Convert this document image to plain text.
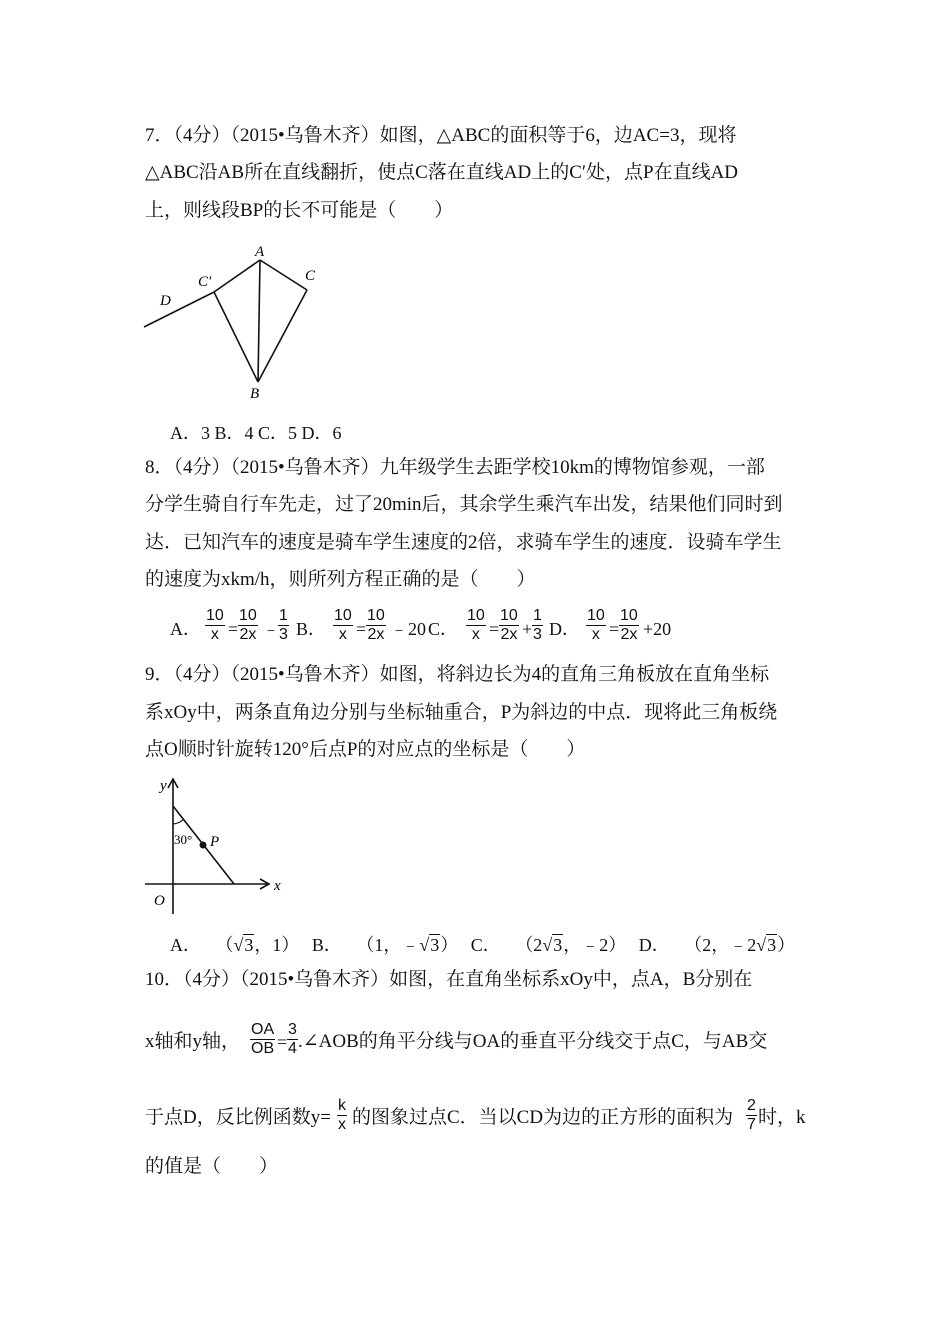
7．（4分）（2015•乌鲁木齐）如图，△ABC的面积等于6，边AC=3，现将
△ABC沿AB所在直线翻折，使点C落在直线AD上的C′处，点P在直线AD
上，则线段BP的长不可能是（　　）
A
C
C′
D
B
A．3 B．4 C．5 D．6
8．（4分）（2015•乌鲁木齐）九年级学生去距学校10km的博物馆参观，一部
分学生骑自行车先走，过了20min后，其余学生乘汽车出发，结果他们同时到
达．已知汽车的速度是骑车学生速度的2倍，求骑车学生的速度．设骑车学生
的速度为xkm/h，则所列方程正确的是（　　）
A． $\frac{10}{x} = \frac{10}{2x}$ ﹣
$\frac{1}{3}$ B． $\frac{10}{x} = \frac{10}{2x}$ ﹣20 C． $\frac{10}{x} = \frac{10}{2x} + \frac{1}{3}$ D． $\frac{10}{x} = \frac{10}{2x} +20$
9．（4分）（2015•乌鲁木齐）如图，将斜边长为4的直角三角板放在直角坐标
系xOy中，两条直角边分别与坐标轴重合，P为斜边的中点．现将此三角板绕
点O顺时针旋转120°后点P的对应点的坐标是（　　）
y
x
O
P
30°
A． （√3，1） B． （1，﹣√3） C． （2√3，﹣2） D． （2，﹣2√3）
10．（4分）（2015•乌鲁木齐）如图，在直角坐标系xOy中，点A，B分别在
x轴和y轴， $\frac{OA}{OB} = \frac{3}{4}$ .∠AOB的角平分线与OA的垂直平分线交于点C，与AB交
于点D，反比例函数$y= \frac{k}{x}$ 的图象过点C．当以CD为边的正方形的面积为 $\frac{2}{7}$ 时，k
的值是（　　）
